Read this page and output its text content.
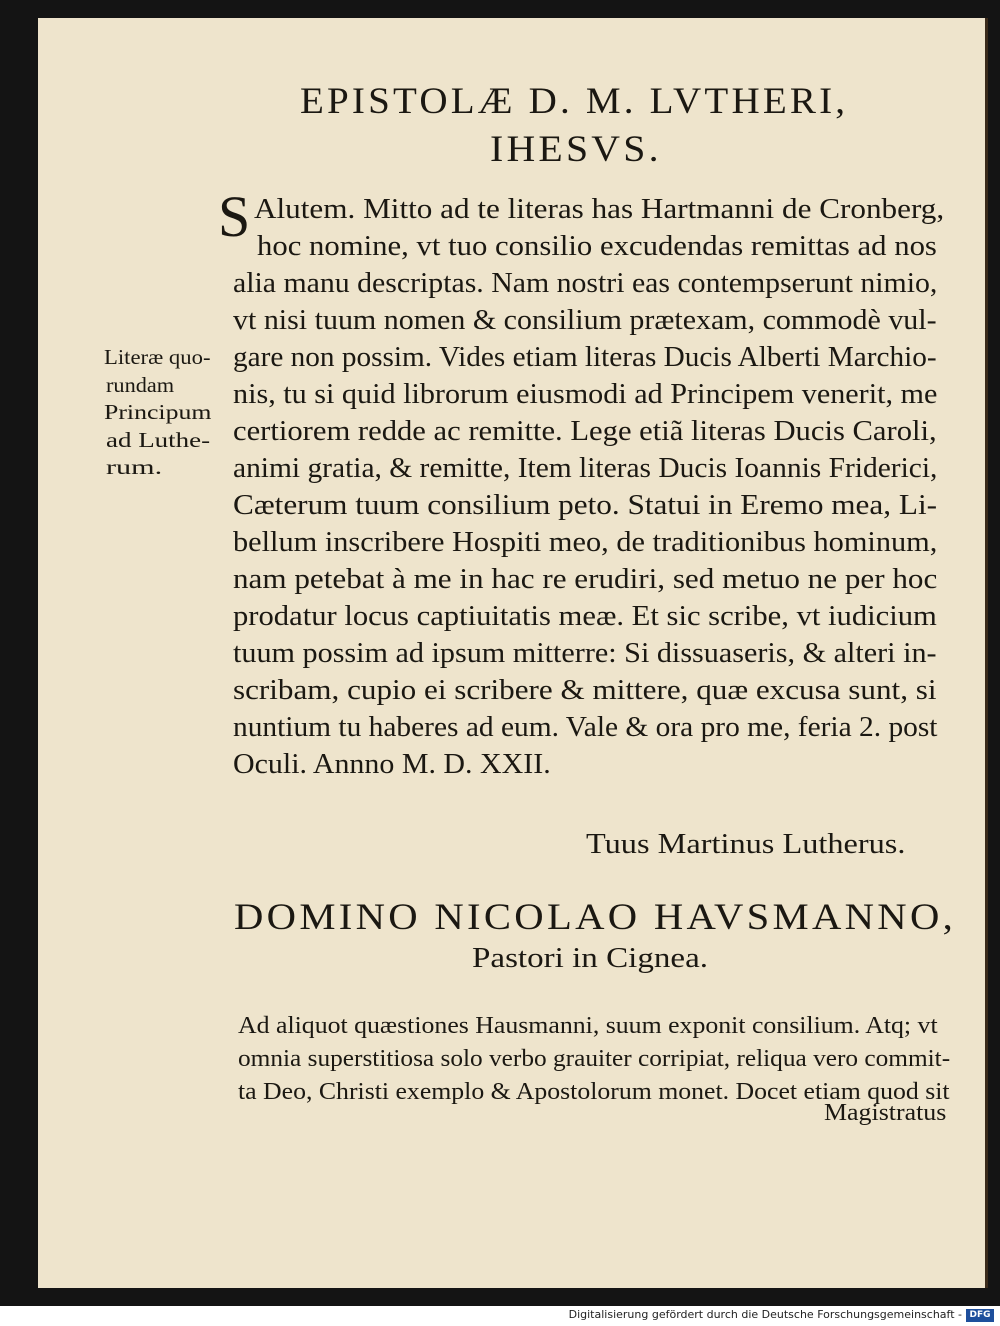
EPISTOLÆ D. M. LVTHERI,
IHESVS.
S Alutem. Mitto ad te literas has Hartmanni de Cronberg,
hoc nomine, vt tuo consilio excudendas remittas ad nos
alia manu descriptas. Nam nostri eas contempserunt nimio,
vt nisi tuum nomen & consilium prætexam, commodè vul-
gare non possim. Vides etiam literas Ducis Alberti Marchio-
nis, tu si quid librorum eiusmodi ad Principem venerit, me
certiorem redde ac remitte. Lege etiã literas Ducis Caroli,
animi gratia, & remitte, Item literas Ducis Ioannis Friderici,
Cæterum tuum consilium peto. Statui in Eremo mea, Li-
bellum inscribere Hospiti meo, de traditionibus hominum,
nam petebat à me in hac re erudiri, sed metuo ne per hoc
prodatur locus captiuitatis meæ. Et sic scribe, vt iudicium
tuum possim ad ipsum mitterre: Si dissuaseris, & alteri in-
scribam, cupio ei scribere & mittere, quæ excusa sunt, si
nuntium tu haberes ad eum. Vale & ora pro me, feria 2. post
Oculi. Annno M. D. XXII.
Literæ quo-
rundam
Principum
ad Luthe-
rum.
Tuus Martinus Lutherus.
DOMINO NICOLAO HAVSMANNO,
Pastori in Cignea.
Ad aliquot quæstiones Hausmanni, suum exponit consilium. Atq; vt
omnia superstitiosa solo verbo grauiter corripiat, reliqua vero commit-
ta Deo, Christi exemplo & Apostolorum monet. Docet etiam quod sit
Magistratus
Digitalisierung gefördert durch die Deutsche Forschungsgemeinschaft - DFG
